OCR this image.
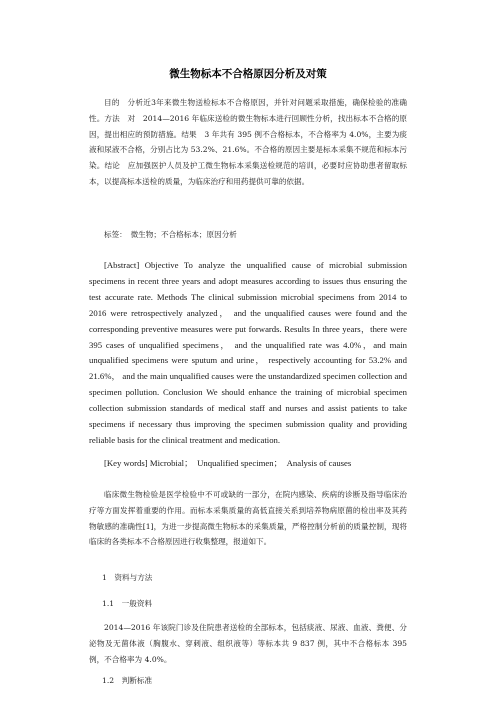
微生物标本不合格原因分析及对策
目的　分析近3年来微生物送检标本不合格原因，并针对问题采取措施，确保检验的准确性。方法　对　2014—2016 年临床送检的微生物标本进行回顾性分析，找出标本不合格的原因，提出相应的预防措施。结果　3 年共有 395 例不合格标本，不合格率为 4.0%，主要为痰液和尿液不合格，分别占比为 53.2%、21.6%。不合格的原因主要是标本采集不规范和标本污染。结论　应加强医护人员及护工微生物标本采集送检规范的培训，必要时应协助患者留取标本，以提高标本送检的质量，为临床治疗和用药提供可靠的依据。
标签：　微生物；不合格标本；原因分析
[Abstract] Objective To analyze the unqualified cause of microbial submission specimens in recent three years and adopt measures according to issues thus ensuring the test accurate rate. Methods The clinical submission microbial specimens from 2014 to 2016 were retrospectively analyzed， and the unqualified causes were found and the corresponding preventive measures were put forwards. Results In three years，there were 395 cases of unqualified specimens， and the unqualified rate was 4.0%，and main unqualified specimens were sputum and urine， respectively accounting for 53.2% and 21.6%， and the main unqualified causes were the unstandardized specimen collection and specimen pollution. Conclusion We should enhance the training of microbial specimen collection submission standards of medical staff and nurses and assist patients to take specimens if necessary thus improving the specimen submission quality and providing reliable basis for the clinical treatment and medication.
[Key words] Microbial；　Unqualified specimen；　Analysis of causes
临床微生物检验是医学检验中不可或缺的一部分，在院内感染、疾病的诊断及指导临床治疗等方面发挥着重要的作用。而标本采集质量的高低直接关系到培养物病原菌的检出率及其药物敏感的准确性[1]，为进一步提高微生物标本的采集质量，严格控制分析前的质量控制，现将临床的各类标本不合格原因进行收集整理，报道如下。
1　资料与方法
1.1　一般资料
2014—2016 年该院门诊及住院患者送检的全部标本，包括痰液、尿液、血液、粪便、分泌物及无菌体液（胸腹水、穿刺液、组织液等）等标本共 9 837 例，其中不合格标本 395 例，不合格率为 4.0%。
1.2　判断标准
